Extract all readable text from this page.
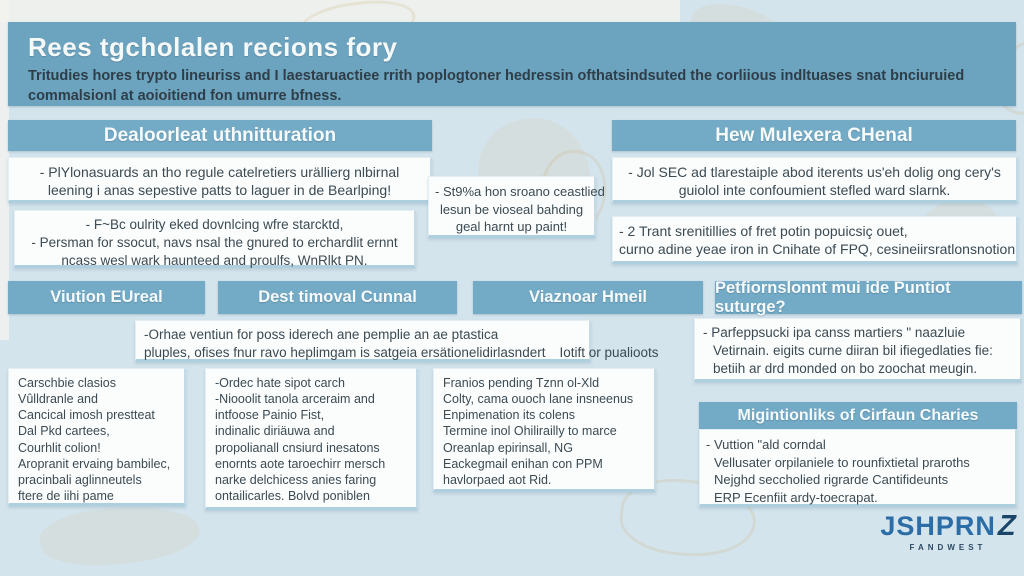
Rees tgcholalen recions fory

Tritudies hores trypto lineuriss and I laestaruactiee rrith poplogtoner hedressin ofthatsindsuted the corliious indltuases snat bnciuruied commalsionl at aoioitiend fon umurre bfness.

Dealoorleat uthnitturation	Hew Mulexera CHenal
- PlYlonasuards an tho regule catelretiers urällierg nlbirnal
leening i anas sepestive patts to laguer in de Bearlping!
- F~Bc oulrity eked dovnlcing wfre starcktd,
- Persman for ssocut, navs nsal the gnured to erchardlit ernnt
ncass wesl wark haunteed and proulfs, WnRlkt PN.
- St9%a hon sroano ceastlied
lesun be vioseal bahding
geal harnt up paint!
- Jol SEC ad tlarestaiple abod iterents us'eh dolig ong cery's
guiolol inte confoumient stefled ward slarnk.
- 2 Trant srenitillies of fret potin popuicsiç ouet,
curno adine yeae iron in Cnihate of FPQ, cesineiirsratlonsnotion
Viution EUreal	Dest timoval Cunnal	Viaznoar Hmeil
Petfiornslonnt mui ide Puntiot suturge?
-Orhae ventiun for poss iderech ane pemplie an ae ptastica
pluples, ofises fnur ravo heplimgam is satgeia ersätionelidirlasndert	Iotift or pualioots
- Parfeppsucki ipa canss martiers " naazluie
Vetirnain. eigits curne diiran bil ifiegedlaties fie:
betiih ar drd monded on bo zoochat meugin.
Carschbie clasios
Vûlldranle and
Cancical imosh prestteat
Dal Pkd cartees,
Courhlit colion!
Aropranit ervaing bambilec,
pracinbali aglinneutels
ftere de iihi pame
-Ordec hate sipot carch
-Niooolit tanola arceraim and
intfoose Painio Fist,
indinalic diriäuwa and
propolianall cnsiurd inesatons
enornts aote taroechirr mersch
narke delchicess anies faring
ontailicarles. Bolvd poniblen
Franios pending Tznn ol-Xld
Colty, cama ouoch lane insneenus
Enpimenation its colens
Termine inol Ohilirailly to marce
Oreanlap epirinsall, NG
Eackegmail enihan con PPM
havlorpaed aot Rid.
Migintionliks of Cirfaun Charies
- Vuttion "ald corndal
Vellusater orpilaniele to rounfixtietal praroths
Nejghd seccholied rigrarde Cantifideunts
ERP Ecenfiit ardy-toecrapat.
JSHPRN
Z
FANDWEST
